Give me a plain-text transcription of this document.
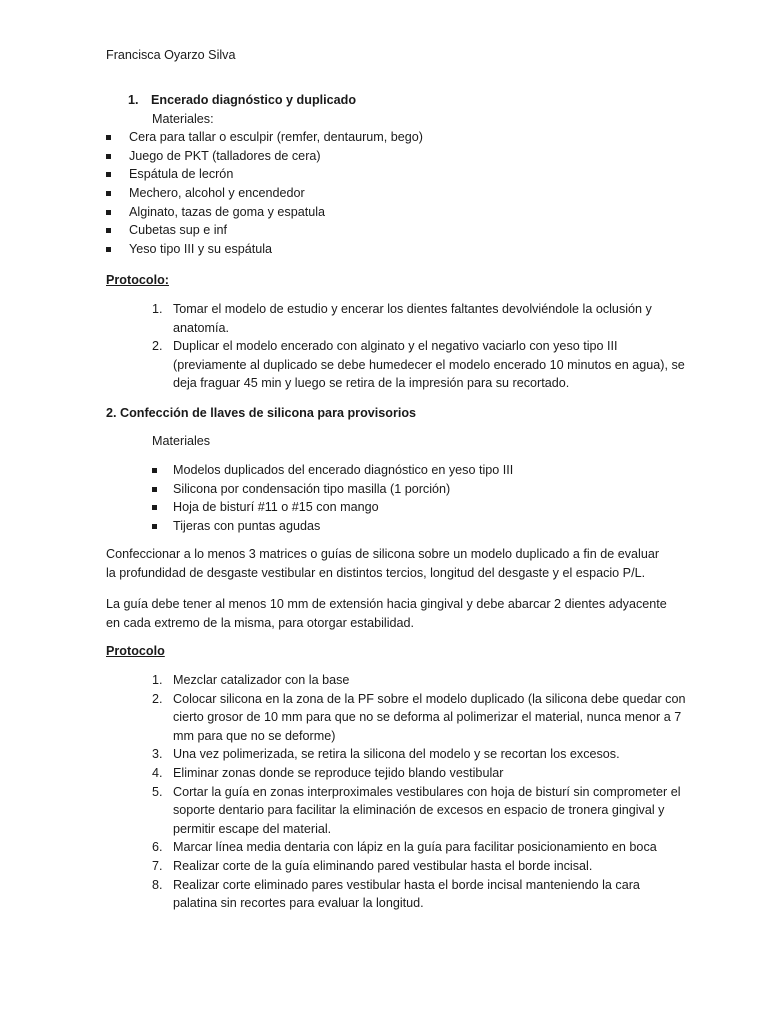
Francisca Oyarzo Silva
1. Encerado diagnóstico y duplicado
Materiales:
Cera para tallar o esculpir (remfer, dentaurum, bego)
Juego de PKT (talladores de cera)
Espátula de lecrón
Mechero, alcohol y encendedor
Alginato, tazas de goma y espatula
Cubetas sup e inf
Yeso tipo III y su espátula
Protocolo:
1. Tomar el modelo de estudio y encerar los dientes faltantes devolviéndole la oclusión y anatomía.
2. Duplicar el modelo encerado con alginato y el negativo vaciarlo con yeso tipo III (previamente al duplicado se debe humedecer el modelo encerado 10 minutos en agua), se deja fraguar 45 min y luego se retira de la impresión para su recortado.
2. Confección de llaves de silicona para provisorios
Materiales
Modelos duplicados del encerado diagnóstico en yeso tipo III
Silicona por condensación tipo masilla (1 porción)
Hoja de bisturí #11 o #15 con mango
Tijeras con puntas agudas

Confeccionar a lo menos 3 matrices o guías de silicona sobre un modelo duplicado a fin de evaluar la profundidad de desgaste vestibular en distintos tercios, longitud del desgaste y el espacio P/L.

La guía debe tener al menos 10 mm de extensión hacia gingival y debe abarcar 2 dientes adyacente en cada extremo de la misma, para otorgar estabilidad.

Protocolo
1. Mezclar catalizador con la base
2. Colocar silicona en la zona de la PF sobre el modelo duplicado (la silicona debe quedar con cierto grosor de 10 mm para que no se deforma al polimerizar el material, nunca menor a 7 mm para que no se deforme)
3. Una vez polimerizada, se retira la silicona del modelo y se recortan los excesos.
4. Eliminar zonas donde se reproduce tejido blando vestibular
5. Cortar la guía en zonas interproximales vestibulares con hoja de bisturí sin comprometer el soporte dentario para facilitar la eliminación de excesos en espacio de tronera gingival y permitir escape del material.
6. Marcar línea media dentaria con lápiz en la guía para facilitar posicionamiento en boca
7. Realizar corte de la guía eliminando pared vestibular hasta el borde incisal.
8. Realizar corte eliminado pares vestibular hasta el borde incisal manteniendo la cara palatina sin recortes para evaluar la longitud.
